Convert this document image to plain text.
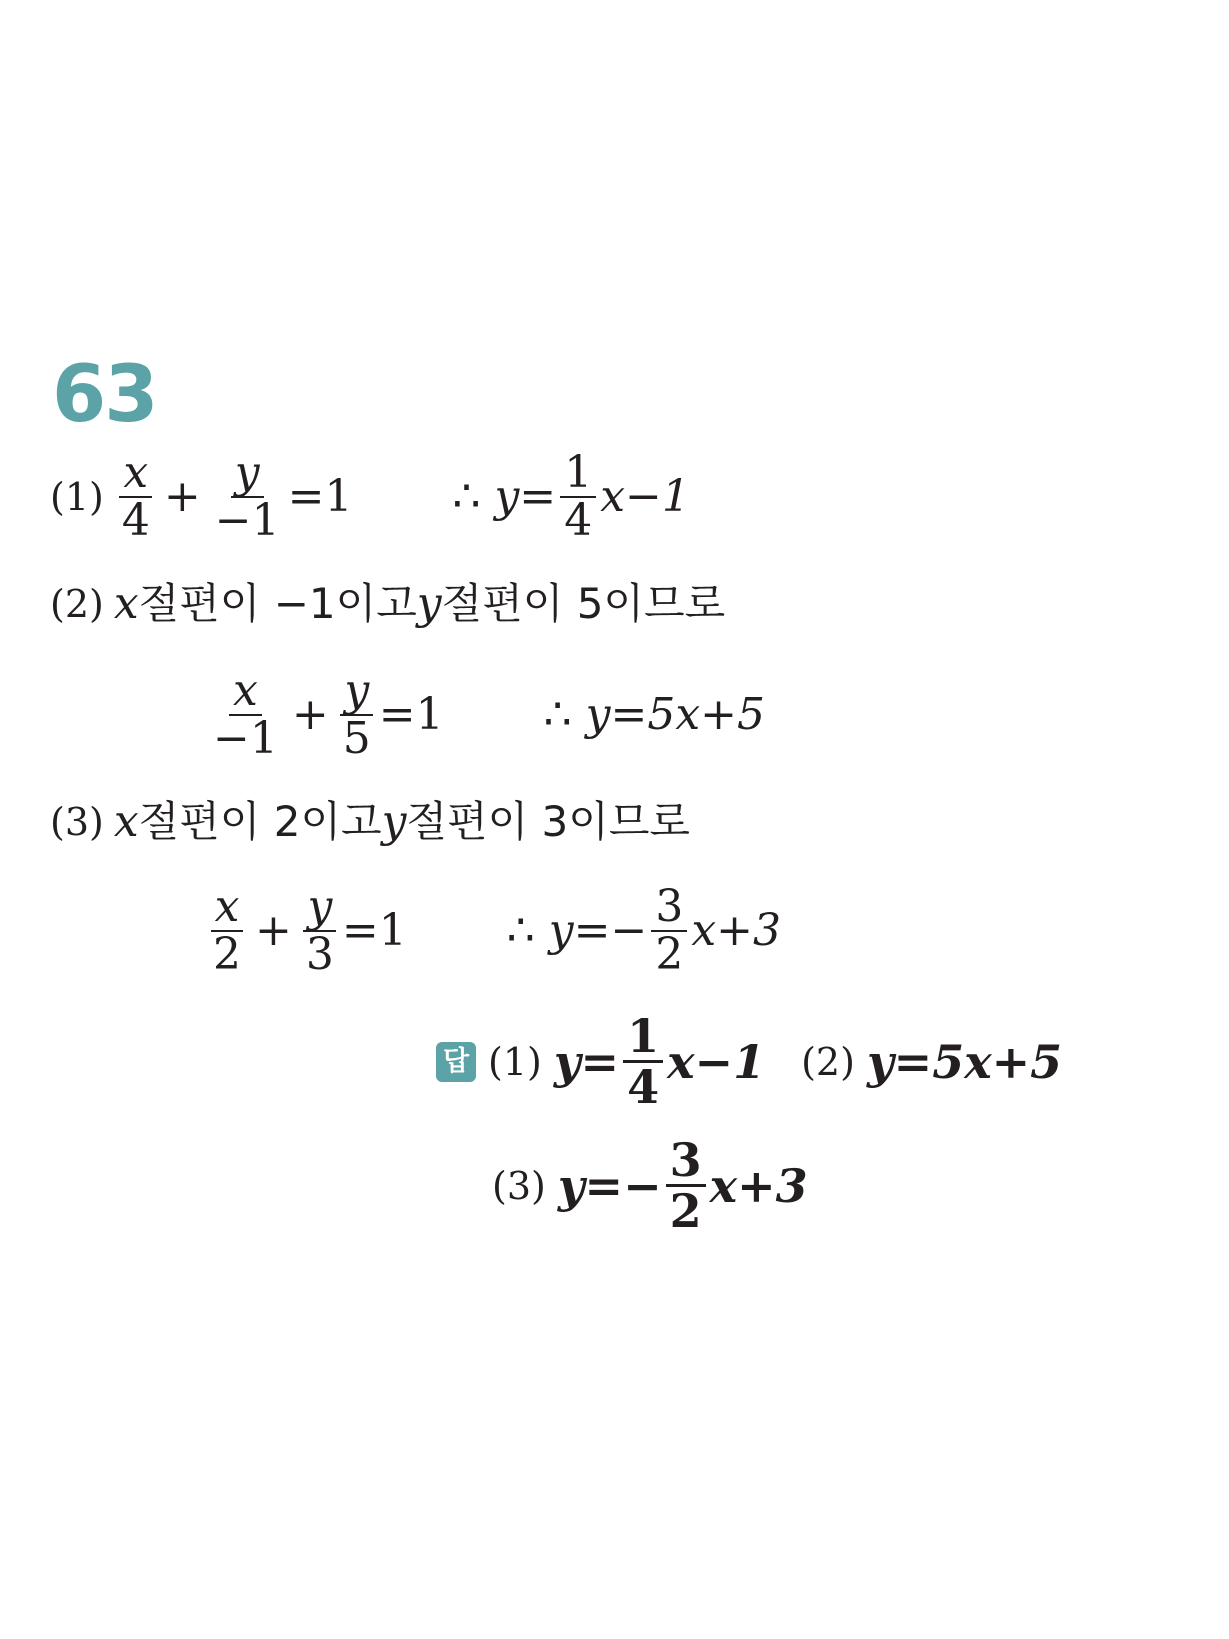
63
$(1) \frac{x}{4} + \frac{y}{-1} =1$ ∴ $y= \frac{1}{4} x-1$
(2) x 절편이 −1이고 y 절편이 5이므로
$\frac{x}{-1} + \frac{y}{5} =1$ ∴ y=5x+5
(3) x 절편이 2이고 y 절편이 3이므로
$\frac{x}{2} + \frac{y}{3} =1$ ∴ $y=- \frac{3}{2} x+3$
답 (1) $y= \frac{1}{4} x-1$ (2) y=5x+5
(3) $y=- \frac{3}{2} x+3$
